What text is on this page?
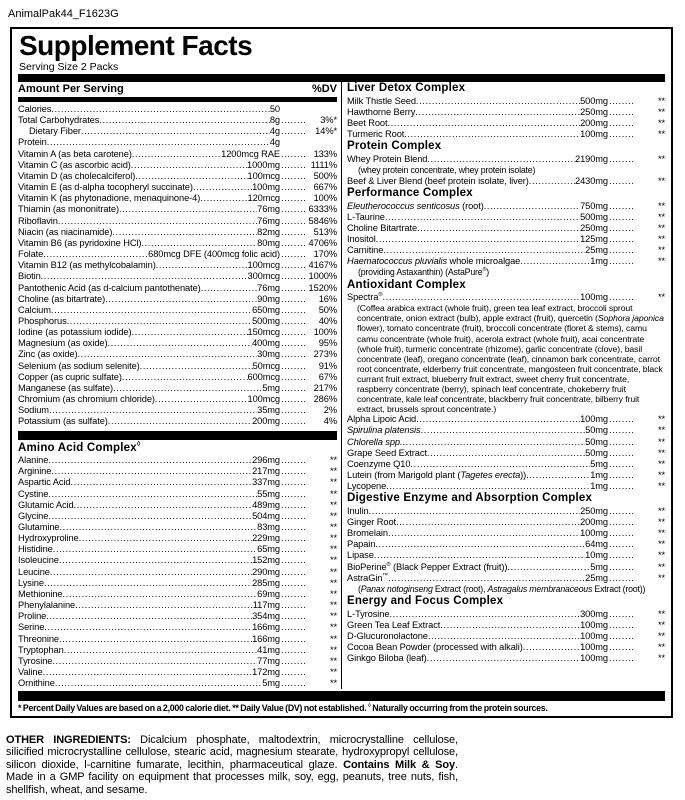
AnimalPak44_F1623G
Supplement Facts
Serving Size 2 Packs
Amount Per Serving	%DV
Calories .....	50
Total Carbohydrates .....	8g .....	3%*
Dietary Fiber .....	4g .....	14%*
Protein .....	4g
Vitamin A (as beta carotene) .....	1200mcg RAE .....	133%
Vitamin C (as ascorbic acid) .....	1000mg .....	1111%
Vitamin D (as cholecalciferol) .....	100mcg .....	500%
Vitamin E (as d-alpha tocopheryl succinate) .....	100mg .....	667%
Vitamin K (as phytonadione, menaquinone-4) .....	120mcg .....	100%
Thiamin (as mononitrate) .....	76mg .....	6333%
Riboflavin .....	76mg .....	5846%
Niacin (as niacinamide) .....	82mg .....	513%
Vitamin B6 (as pyridoxine HCl) .....	80mg .....	4706%
Folate .....	680mcg DFE (400mcg folic acid) .....	170%
Vitamin B12 (as methylcobalamin) .....	100mcg .....	4167%
Biotin .....	300mcg .....	1000%
Pantothenic Acid (as d-calcium pantothenate) .....	76mg .....	1520%
Choline (as bitartrate) .....	90mg .....	16%
Calcium .....	650mg .....	50%
Phosphorus .....	500mg .....	40%
Iodine (as potassium iodide) .....	150mcg .....	100%
Magnesium (as oxide) .....	400mg .....	95%
Zinc (as oxide) .....	30mg .....	273%
Selenium (as sodium selenite) .....	50mcg .....	91%
Copper (as cupric sulfate) .....	600mcg .....	67%
Manganese (as sulfate) .....	5mg .....	217%
Chromium (as chromium chloride) .....	100mcg .....	286%
Sodium .....	35mg .....	2%
Potassium (as sulfate) .....	200mg .....	4%
Amino Acid Complex◊
Alanine .....	296mg .....	**
Arginine .....	217mg .....	**
Aspartic Acid .....	337mg .....	**
Cystine .....	55mg .....	**
Glutamic Acid .....	489mg .....	**
Glycine .....	504mg .....	**
Glutamine .....	83mg .....	**
Hydroxyproline .....	229mg .....	**
Histidine .....	65mg .....	**
Isoleucine .....	152mg .....	**
Leucine .....	290mg .....	**
Lysine .....	285mg .....	**
Methionine .....	69mg .....	**
Phenylalanine .....	117mg .....	**
Proline .....	354mg .....	**
Serine .....	166mg .....	**
Threonine .....	166mg .....	**
Tryptophan .....	41mg .....	**
Tyrosine .....	77mg .....	**
Valine .....	172mg .....	**
Ornithine .....	5mg .....	**
Liver Detox Complex
Milk Thistle Seed .....	500mg .....	**
Hawthorne Berry .....	250mg .....	**
Beet Root .....	200mg .....	**
Turmeric Root .....	100mg .....	**
Protein Complex
Whey Protein Blend .....	2190mg .....	**
(whey protein concentrate, whey protein isolate)
Beef & Liver Blend (beef protein isolate, liver) .....	2430mg .....	**
Performance Complex
Eleutherococcus senticosus (root) .....	750mg .....	**
L-Taurine .....	500mg .....	**
Choline Bitartrate .....	250mg .....	**
Inositol .....	125mg .....	**
Carnitine .....	25mg .....	**
Haematococcus pluvialis whole microalgae .....	1mg .....	**
(providing Astaxanthin) (AstaPure®)
Antioxidant Complex
Spectra® .....	100mg .....	**
(Coffea arabica extract (whole fruit), green tea leaf extract, broccoli sprout concentrate, onion extract (bulb), apple extract (fruit), quercetin (Sophora japonica flower), tomato concentrate (fruit), broccoli concentrate (floret & stems), camu camu concentrate (whole fruit), acerola extract (whole fruit), acai concentrate (whole fruit), turmeric concentrate (rhizome), garlic concentrate (clove), basil concentrate (leaf), oregano concentrate (leaf), cinnamon bark concentrate, carrot root concentrate, elderberry fruit concentrate, mangosteen fruit concentrate, black currant fruit extract, blueberry fruit extract, sweet cherry fruit concentrate, raspberry concentrate (berry), spinach leaf concentrate, chokeberry fruit concentrate, kale leaf concentrate, blackberry fruit concentrate, bilberry fruit extract, brussels sprout concentrate.)
Alpha Lipoic Acid .....	100mg .....	**
Spirulina platensis .....	50mg .....	**
Chlorella spp. .....	50mg .....	**
Grape Seed Extract .....	50mg .....	**
Coenzyme Q10 .....	5mg .....	**
Lutein (from Marigold plant (Tagetes erecta)) .....	1mg .....	**
Lycopene .....	1mg .....	**
Digestive Enzyme and Absorption Complex
Inulin .....	250mg .....	**
Ginger Root .....	200mg .....	**
Bromelain .....	100mg .....	**
Papain .....	64mg .....	**
Lipase .....	10mg .....	**
BioPerine® (Black Pepper Extract (fruit)) .....	5mg .....	**
AstraGin™ .....	25mg .....	**
(Panax notoginseng Extract (root), Astragalus membranaceous Extract (root))
Energy and Focus Complex
L-Tyrosine .....	300mg .....	**
Green Tea Leaf Extract .....	100mg .....	**
D-Glucuronolactone .....	100mg .....	**
Cocoa Bean Powder (processed with alkali) .....	100mg .....	**
Ginkgo Biloba (leaf) .....	100mg .....	**
* Percent Daily Values are based on a 2,000 calorie diet. ** Daily Value (DV) not established. ◊ Naturally occurring from the protein sources.
OTHER INGREDIENTS: Dicalcium phosphate, maltodextrin, microcrystalline cellulose, silicified microcrystalline cellulose, stearic acid, magnesium stearate, hydroxypropyl cellulose, silicon dioxide, l-carnitine fumarate, lecithin, pharmaceutical glaze. Contains Milk & Soy. Made in a GMP facility on equipment that processes milk, soy, egg, peanuts, tree nuts, fish, shellfish, wheat, and sesame.
